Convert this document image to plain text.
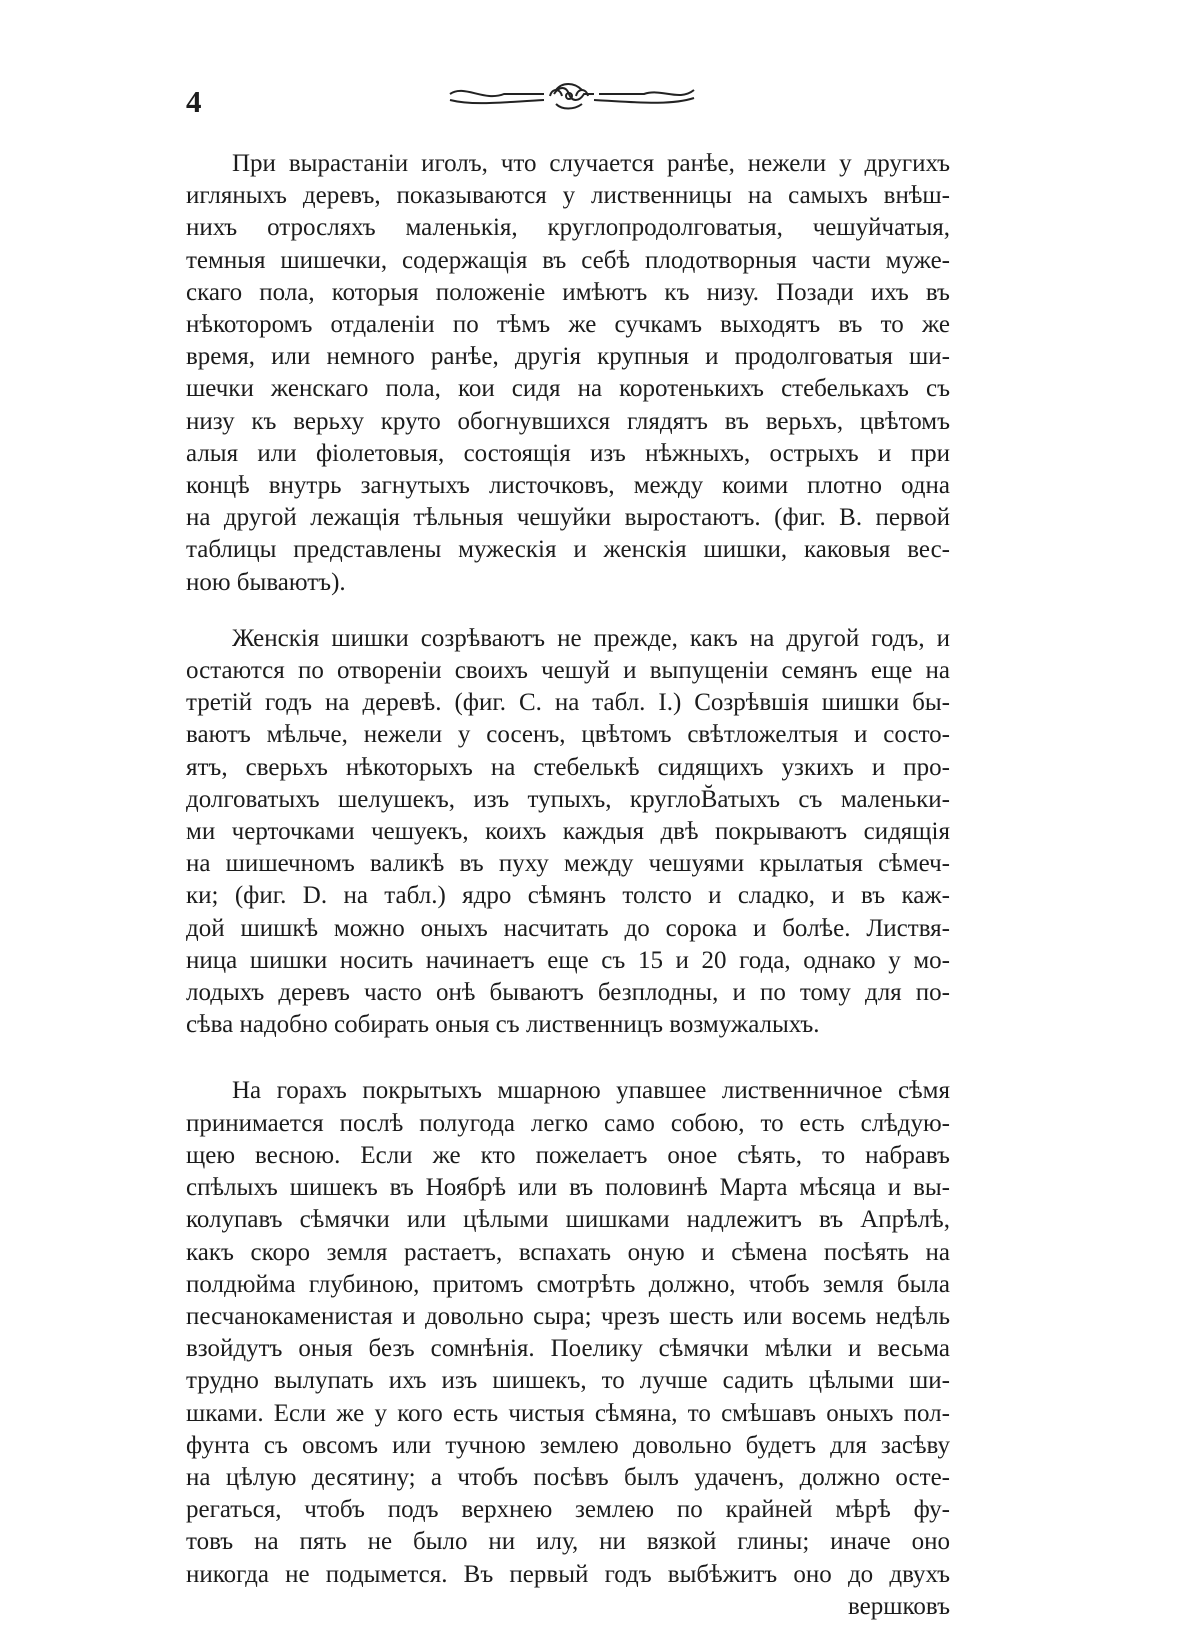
4

При вырастанiи иголъ, что случается ранѣе, нежели у другихъ
игляныхъ деревъ, показываются у лиственницы на самыхъ внѣш-
нихъ отросляхъ маленькiя, круглопродолговатыя, чешуйчатыя,
темныя шишечки, содержащiя въ себѣ плодотворныя части муже-
скаго пола, которыя положенiе имѣютъ къ низу. Позади ихъ въ
нѣкоторомъ отдаленiи по тѣмъ же сучкамъ выходятъ въ то же
время, или немного ранѣе, другiя крупныя и продолговатыя ши-
шечки женскаго пола, кои сидя на коротенькихъ стебелькахъ съ
низу къ верьху круто обогнувшихся глядятъ въ верьхъ, цвѣтомъ
алыя или фiолетовыя, состоящiя изъ нѣжныхъ, острыхъ и при
концѣ внутрь загнутыхъ листочковъ, между коими плотно одна
на другой лежащiя тѣльныя чешуйки выростаютъ. (фиг. В. первой
таблицы представлены мужескiя и женскiя шишки, каковыя вес-
ною бываютъ).

Женскiя шишки созрѣваютъ не прежде, какъ на другой годъ, и
остаются по отворенiи своихъ чешуй и выпущенiи семянъ еще на
третiй годъ на деревѣ. (фиг. С. на табл. I.) Созрѣвшiя шишки бы-
ваютъ мѣльче, нежели у сосенъ, цвѣтомъ свѣтложелтыя и состо-
ятъ, сверьхъ нѣкоторыхъ на стебелькѣ сидящихъ узкихъ и про-
долговатыхъ шелушекъ, изъ тупыхъ, круглоB̆атыхъ съ маленьки-
ми черточками чешуекъ, коихъ каждыя двѣ покрываютъ сидящiя
на шишечномъ валикѣ въ пуху между чешуями крылатыя сѣмеч-
ки; (фиг. D. на табл.) ядро сѣмянъ толсто и сладко, и въ каж-
дой шишкѣ можно оныхъ насчитать до сорока и болѣе. Листвя-
ница шишки носить начинаетъ еще съ 15 и 20 года, однако у мо-
лодыхъ деревъ часто онѣ бываютъ безплодны, и по тому для по-
сѣва надобно собирать оныя съ лиственницъ возмужалыхъ.

На горахъ покрытыхъ мшарною упавшее лиственничное сѣмя
принимается послѣ полугода легко само собою, то есть слѣдую-
щею весною. Если же кто пожелаетъ оное сѣять, то набравъ
спѣлыхъ шишекъ въ Ноябрѣ или въ половинѣ Марта мѣсяца и вы-
колупавъ сѣмячки или цѣлыми шишками надлежитъ въ Апрѣлѣ,
какъ скоро земля растаетъ, вспахать оную и сѣмена посѣять на
полдюйма глубиною, притомъ смотрѣть должно, чтобъ земля была
песчанокаменистая и довольно сыра; чрезъ шесть или восемь недѣль
взойдутъ оныя безъ сомнѣнiя. Поелику сѣмячки мѣлки и весьма
трудно вылупать ихъ изъ шишекъ, то лучше садить цѣлыми ши-
шками. Если же у кого есть чистыя сѣмяна, то смѣшавъ оныхъ пол-
фунта съ овсомъ или тучною землею довольно будетъ для засѣву
на цѣлую десятину; а чтобъ посѣвъ былъ удаченъ, должно осте-
регаться, чтобъ подъ верхнею землею по крайней мѣрѣ фу-
товъ на пять не было ни илу, ни вязкой глины; иначе оно
никогда не подымется. Въ первый годъ выбѣжитъ оно до двухъ

вершковъ
